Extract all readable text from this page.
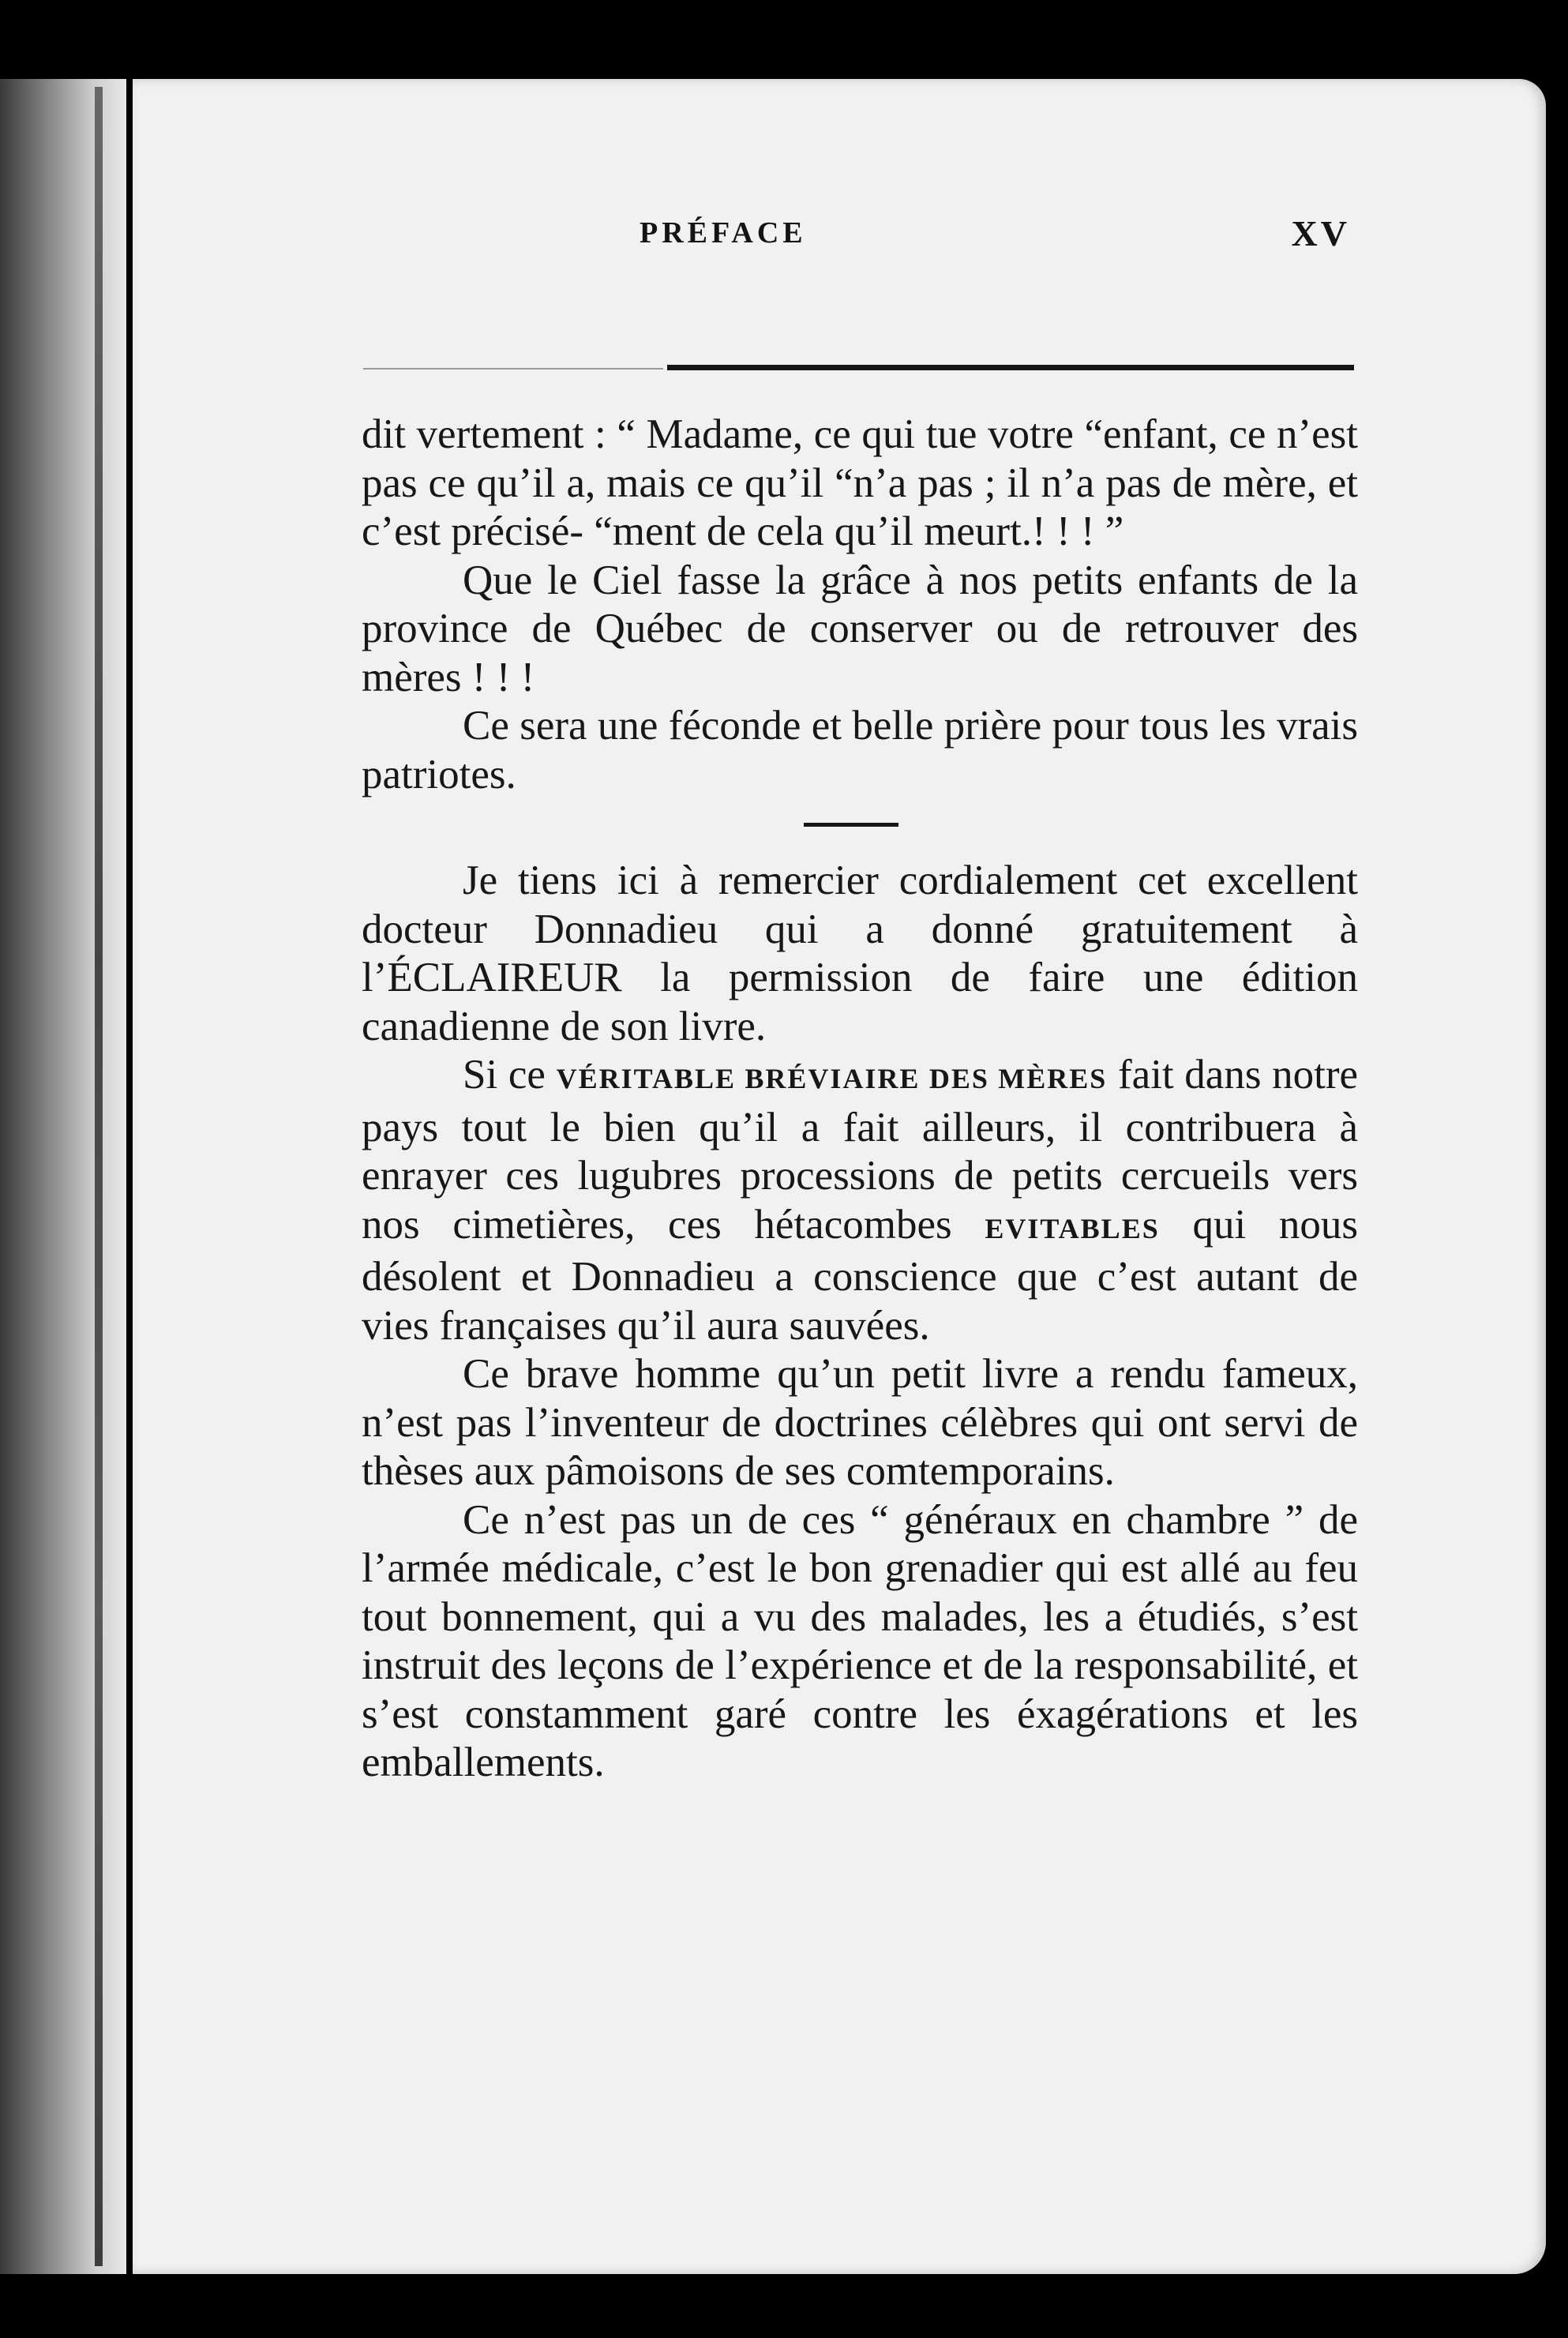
PRÉFACE	XV

dit vertement : “ Madame, ce qui tue votre “enfant, ce n’est pas ce qu’il a, mais ce qu’il “n’a pas ; il n’a pas de mère, et c’est précisé- “ment de cela qu’il meurt.! ! ! ”

Que le Ciel fasse la grâce à nos petits enfants de la province de Québec de conserver ou de retrouver des mères ! ! !

Ce sera une féconde et belle prière pour tous les vrais patriotes.

Je tiens ici à remercier cordialement cet excellent docteur Donnadieu qui a donné gratuitement à l’ÉCLAIREUR la permission de faire une édition canadienne de son livre.

Si ce VÉRITABLE BRÉVIAIRE DES MÈRES fait dans notre pays tout le bien qu’il a fait ailleurs, il contribuera à enrayer ces lugubres processions de petits cercueils vers nos cimetières, ces hétacombes EVITABLES qui nous désolent et Donnadieu a conscience que c’est autant de vies françaises qu’il aura sauvées.

Ce brave homme qu’un petit livre a rendu fameux, n’est pas l’inventeur de doctrines célèbres qui ont servi de thèses aux pâmoisons de ses comtemporains.

Ce n’est pas un de ces “ généraux en chambre ” de l’armée médicale, c’est le bon grenadier qui est allé au feu tout bonnement, qui a vu des malades, les a étudiés, s’est instruit des leçons de l’expérience et de la responsabilité, et s’est constamment garé contre les éxagérations et les emballements.
